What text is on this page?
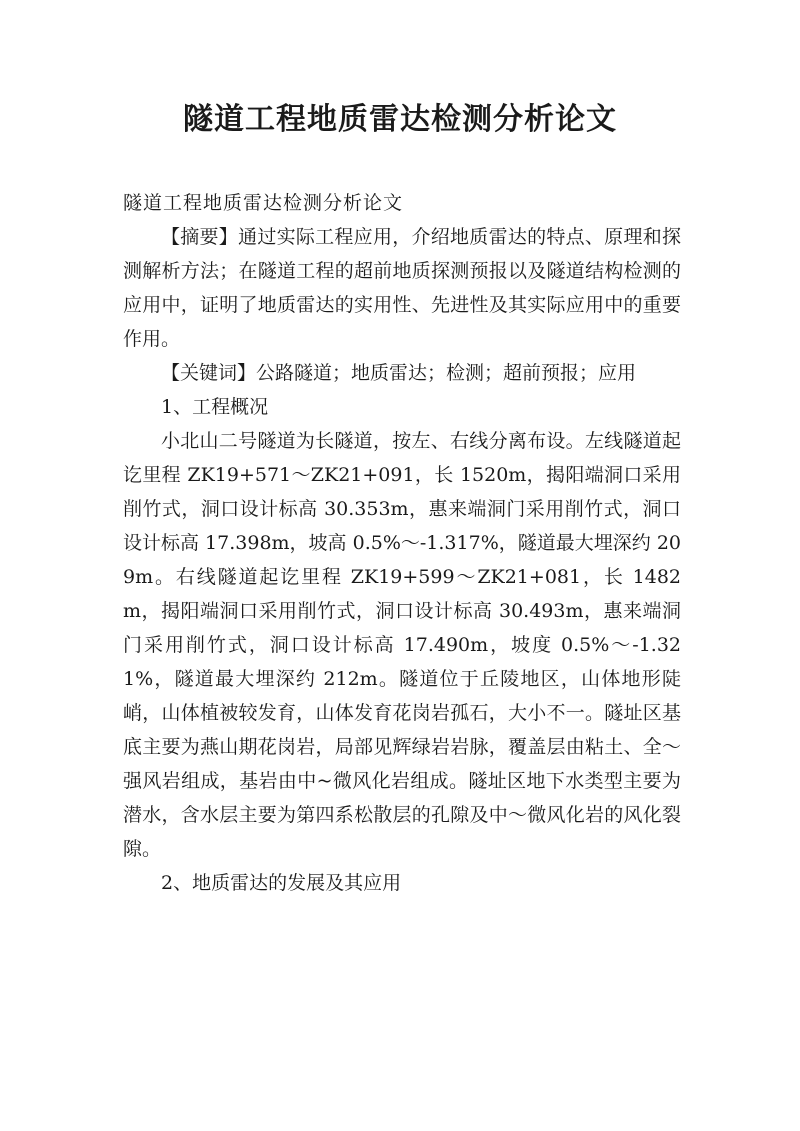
隧道工程地质雷达检测分析论文

隧道工程地质雷达检测分析论文

【摘要】通过实际工程应用，介绍地质雷达的特点、原理和探测解析方法；在隧道工程的超前地质探测预报以及隧道结构检测的应用中，证明了地质雷达的实用性、先进性及其实际应用中的重要作用。

【关键词】公路隧道；地质雷达；检测；超前预报；应用

1、工程概况

小北山二号隧道为长隧道，按左、右线分离布设。左线隧道起讫里程 ZK19+571～ZK21+091，长 1520m，揭阳端洞口采用削竹式，洞口设计标高 30.353m，惠来端洞门采用削竹式，洞口设计标高 17.398m，坡高 0.5%～-1.317%，隧道最大埋深约 209m。右线隧道起讫里程 ZK19+599～ZK21+081，长 1482m，揭阳端洞口采用削竹式，洞口设计标高 30.493m，惠来端洞门采用削竹式，洞口设计标高 17.490m，坡度 0.5%～-1.321%，隧道最大埋深约 212m。隧道位于丘陵地区，山体地形陡峭，山体植被较发育，山体发育花岗岩孤石，大小不一。隧址区基底主要为燕山期花岗岩，局部见辉绿岩岩脉，覆盖层由粘土、全～强风岩组成，基岩由中~微风化岩组成。隧址区地下水类型主要为潜水，含水层主要为第四系松散层的孔隙及中～微风化岩的风化裂隙。

2、地质雷达的发展及其应用
